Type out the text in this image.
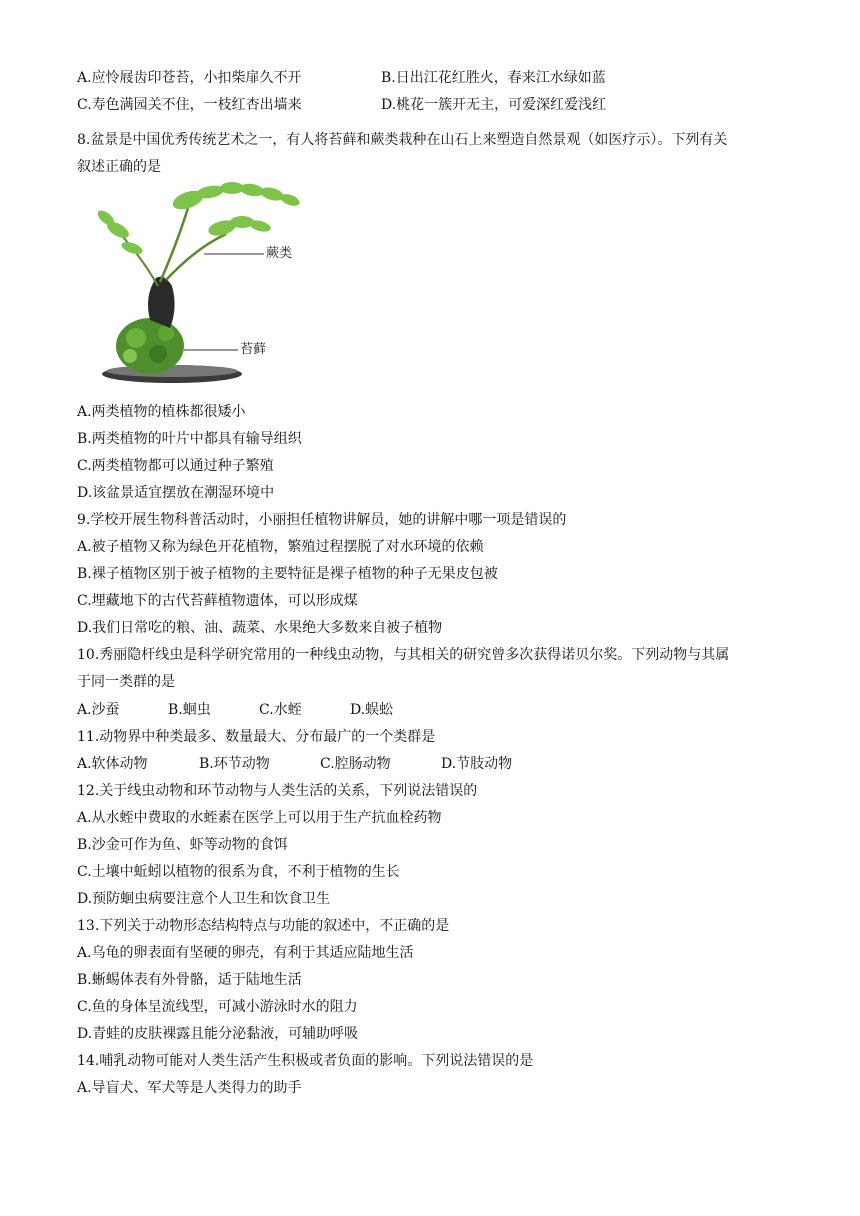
A.应怜屐齿印苍苔，小扣柴扉久不开	B.日出江花红胜火，春来江水绿如蓝
C.寿色满园关不住，一枝红杏出墙来	D.桃花一簇开无主，可爱深红爱浅红
8.盆景是中国优秀传统艺术之一，有人将苔藓和蕨类栽种在山石上来塑造自然景观（如医疗示）。下列有关
叙述正确的是
蕨类
苔藓
A.两类植物的植株都很矮小
B.两类植物的叶片中都具有输导组织
C.两类植物都可以通过种子繁殖
D.该盆景适宜摆放在潮湿环境中
9.学校开展生物科普活动时，小丽担任植物讲解员，她的讲解中哪一项是错误的
A.被子植物又称为绿色开花植物，繁殖过程摆脱了对水环境的依赖
B.裸子植物区别于被子植物的主要特征是裸子植物的种子无果皮包被
C.埋藏地下的古代苔藓植物遗体，可以形成煤
D.我们日常吃的粮、油、蔬菜、水果绝大多数来自被子植物
10.秀丽隐杆线虫是科学研究常用的一种线虫动物，与其相关的研究曾多次获得诺贝尔奖。下列动物与其属
于同一类群的是
A.沙蚕	B.蛔虫	C.水蛭	D.蜈蚣
11.动物界中种类最多、数量最大、分布最广的一个类群是
A.软体动物	B.环节动物	C.腔肠动物	D.节肢动物
12.关于线虫动物和环节动物与人类生活的关系，下列说法错误的
A.从水蛭中费取的水蛭素在医学上可以用于生产抗血栓药物
B.沙金可作为鱼、虾等动物的食饵
C.土壤中蚯蚓以植物的很系为食，不利于植物的生长
D.预防蛔虫病要注意个人卫生和饮食卫生
13.下列关于动物形态结构特点与功能的叙述中，不正确的是
A.乌龟的卵表面有坚硬的卵壳，有利于其适应陆地生活
B.蜥蜴体表有外骨骼，适于陆地生活
C.鱼的身体呈流线型，可减小游泳时水的阻力
D.青蛙的皮肤裸露且能分泌黏液，可辅助呼吸
14.哺乳动物可能对人类生活产生积极或者负面的影响。下列说法错误的是
A.导盲犬、军犬等是人类得力的助手
